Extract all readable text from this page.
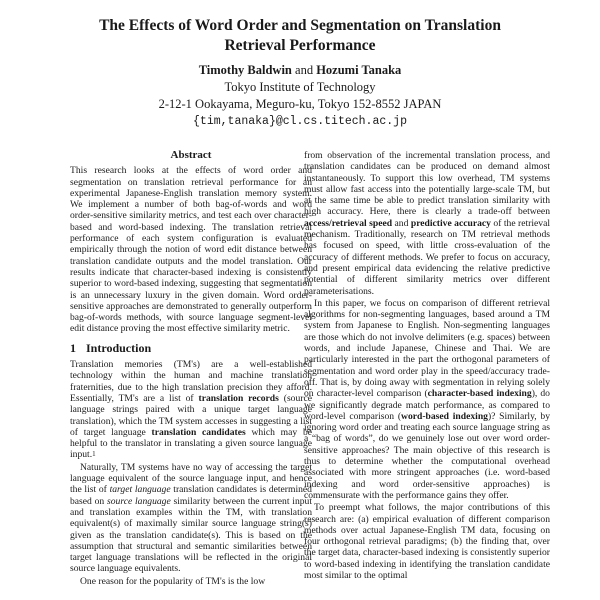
The Effects of Word Order and Segmentation on Translation
Retrieval Performance
Timothy Baldwin and Hozumi Tanaka
Tokyo Institute of Technology
2-12-1 Ookayama, Meguro-ku, Tokyo 152-8552 JAPAN
{tim,tanaka}@cl.cs.titech.ac.jp
Abstract

This research looks at the effects of word order and segmentation on translation retrieval performance for an experimental Japanese-English translation memory system. We implement a number of both bag-of-words and word order-sensitive similarity metrics, and test each over character-based and word-based indexing. The translation retrieval performance of each system configuration is evaluated empirically through the notion of word edit distance between translation candidate outputs and the model translation. Our results indicate that character-based indexing is consistently superior to word-based indexing, suggesting that segmentation is an unnecessary luxury in the given domain. Word order-sensitive approaches are demonstrated to generally outperform bag-of-words methods, with source language segment-level edit distance proving the most effective similarity metric.

1 Introduction

Translation memories (TM's) are a well-established technology within the human and machine translation fraternities, due to the high translation precision they afford. Essentially, TM's are a list of translation records (source language strings paired with a unique target language translation), which the TM system accesses in suggesting a list of target language translation candidates which may be helpful to the translator in translating a given source language input.$^1$

Naturally, TM systems have no way of accessing the target language equivalent of the source language input, and hence the list of target language translation candidates is determined based on source language similarity between the current input and translation examples within the TM, with translation equivalent(s) of maximally similar source language string(s) given as the translation candidate(s). This is based on the assumption that structural and semantic similarities between target language translations will be reflected in the original source language equivalents.

One reason for the popularity of TM's is the low

from observation of the incremental translation process, and translation candidates can be produced on demand almost instantaneously. To support this low overhead, TM systems must allow fast access into the potentially large-scale TM, but at the same time be able to predict translation similarity with high accuracy. Here, there is clearly a trade-off between access/retrieval speed and predictive accuracy of the retrieval mechanism. Traditionally, research on TM retrieval methods has focused on speed, with little cross-evaluation of the accuracy of different methods. We prefer to focus on accuracy, and present empirical data evidencing the relative predictive potential of different similarity metrics over different parameterisations.

In this paper, we focus on comparison of different retrieval algorithms for non-segmenting languages, based around a TM system from Japanese to English. Non-segmenting languages are those which do not involve delimiters (e.g. spaces) between words, and include Japanese, Chinese and Thai. We are particularly interested in the part the orthogonal parameters of segmentation and word order play in the speed/accuracy trade-off. That is, by doing away with segmentation in relying solely on character-level comparison (character-based indexing), do we significantly degrade match performance, as compared to word-level comparison (word-based indexing)? Similarly, by ignoring word order and treating each source language string as a “bag of words”, do we genuinely lose out over word order-sensitive approaches? The main objective of this research is thus to determine whether the computational overhead associated with more stringent approaches (i.e. word-based indexing and word order-sensitive approaches) is commensurate with the performance gains they offer.

To preempt what follows, the major contributions of this research are: (a) empirical evaluation of different comparison methods over actual Japanese-English TM data, focusing on four orthogonal retrieval paradigms; (b) the finding that, over the target data, character-based indexing is consistently superior to word-based indexing in identifying the translation candidate most similar to the optimal
